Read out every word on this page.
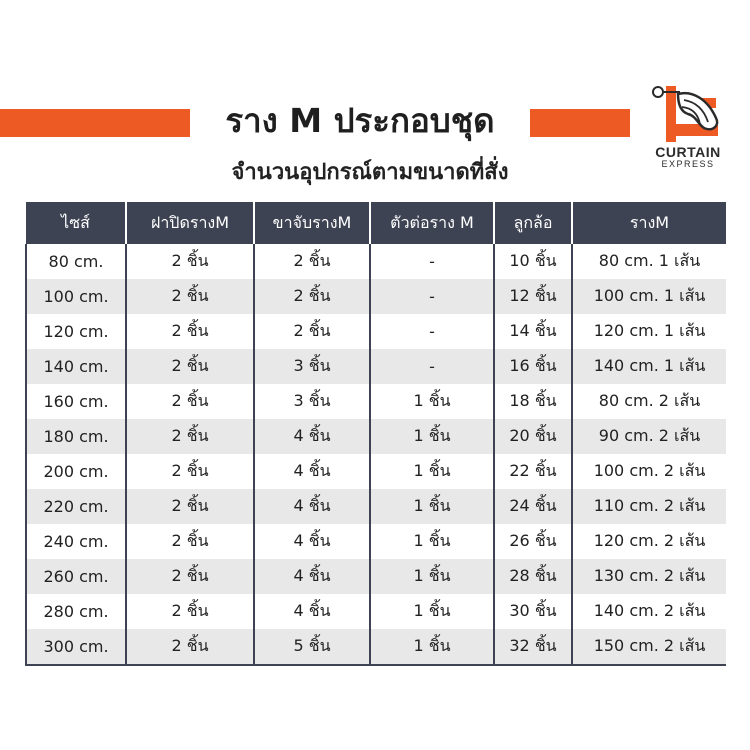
ราง M ประกอบชุด
CURTAIN
EXPRESS
จำนวนอุปกรณ์ตามขนาดที่สั่ง
ไซส์	ฝาปิดรางM	ขาจับรางM	ตัวต่อราง M	ลูกล้อ	รางM
80 cm.	2 ชิ้น	2 ชิ้น	-	10 ชิ้น	80 cm. 1 เส้น
100 cm.	2 ชิ้น	2 ชิ้น	-	12 ชิ้น	100 cm. 1 เส้น
120 cm.	2 ชิ้น	2 ชิ้น	-	14 ชิ้น	120 cm. 1 เส้น
140 cm.	2 ชิ้น	3 ชิ้น	-	16 ชิ้น	140 cm. 1 เส้น
160 cm.	2 ชิ้น	3 ชิ้น	1 ชิ้น	18 ชิ้น	80 cm. 2 เส้น
180 cm.	2 ชิ้น	4 ชิ้น	1 ชิ้น	20 ชิ้น	90 cm. 2 เส้น
200 cm.	2 ชิ้น	4 ชิ้น	1 ชิ้น	22 ชิ้น	100 cm. 2 เส้น
220 cm.	2 ชิ้น	4 ชิ้น	1 ชิ้น	24 ชิ้น	110 cm. 2 เส้น
240 cm.	2 ชิ้น	4 ชิ้น	1 ชิ้น	26 ชิ้น	120 cm. 2 เส้น
260 cm.	2 ชิ้น	4 ชิ้น	1 ชิ้น	28 ชิ้น	130 cm. 2 เส้น
280 cm.	2 ชิ้น	4 ชิ้น	1 ชิ้น	30 ชิ้น	140 cm. 2 เส้น
300 cm.	2 ชิ้น	5 ชิ้น	1 ชิ้น	32 ชิ้น	150 cm. 2 เส้น
